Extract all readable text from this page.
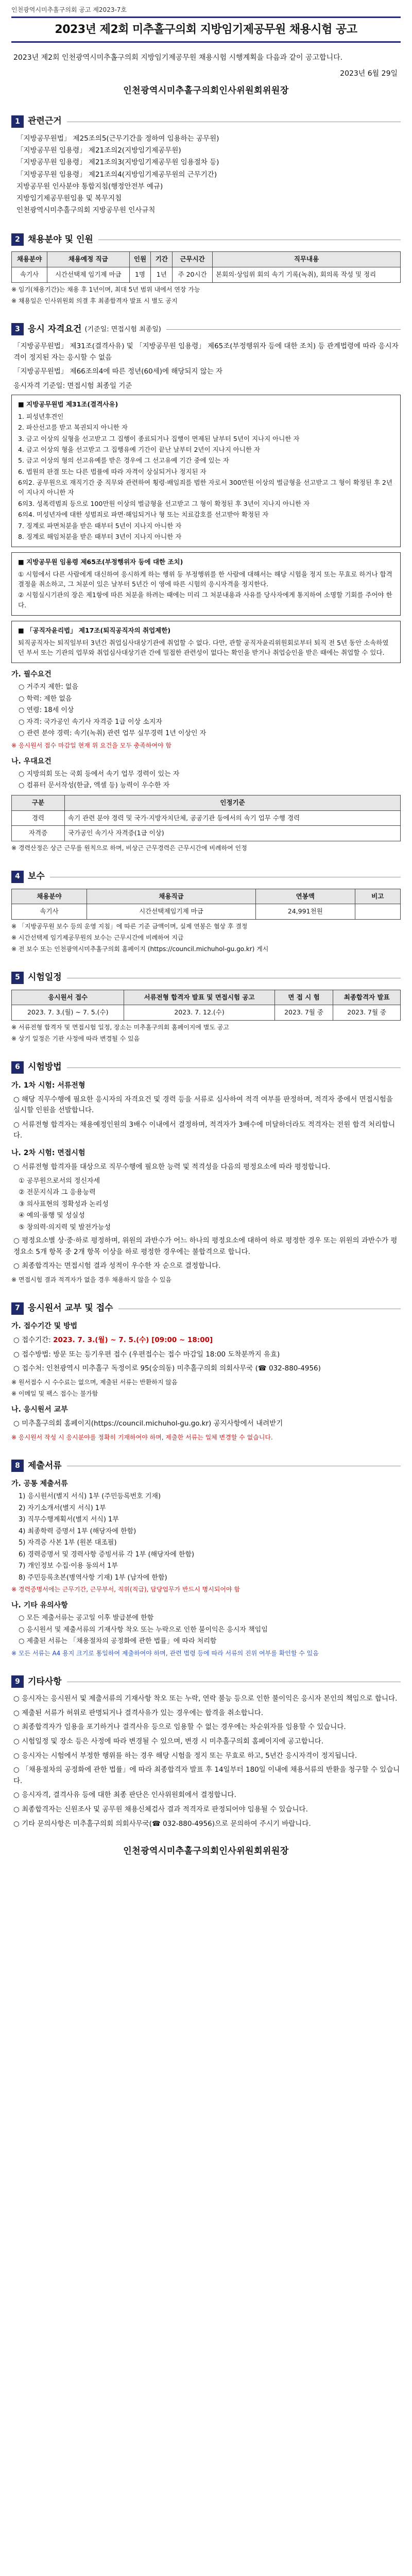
인천광역시미추홀구의회 공고 제2023-7호
2023년 제2회 미추홀구의회 지방임기제공무원 채용시험 공고
2023년 제2회 인천광역시미추홀구의회 지방임기제공무원 채용시험 시행계획을 다음과 같이 공고합니다.
2023년 6월 29일
인천광역시미추홀구의회인사위원회위원장
1 관련근거
「지방공무원법」 제25조의5(근무기간을 정하여 임용하는 공무원)
「지방공무원 임용령」 제21조의2(지방임기제공무원)
「지방공무원 임용령」 제21조의3(지방임기제공무원 임용절차 등)
「지방공무원 임용령」 제21조의4(지방임기제공무원의 근무기간)
지방공무원 인사분야 통합지침(행정안전부 예규)
지방임기제공무원임용 및 복무지침
인천광역시미추홀구의회 지방공무원 인사규칙
2 채용분야 및 인원
채용분야	채용예정 직급	인원	기간	근무시간	직무내용
속기사	시간선택제 임기제 마급	1명	1년	주 20시간	본회의·상임위 회의 속기 기록(녹취), 회의록 작성 및 정리
※ 임기(채용기간)는 채용 후 1년이며, 최대 5년 범위 내에서 연장 가능
※ 채용일은 인사위원회 의결 후 최종합격자 발표 시 별도 공지
3 응시 자격요건 (기준일: 면접시험 최종일)
「지방공무원법」 제31조(결격사유) 및 「지방공무원 임용령」 제65조(부정행위자 등에 대한 조치) 등 관계법령에 따라 응시자격이 정지된 자는 응시할 수 없음
「지방공무원법」 제66조의4에 따른 정년(60세)에 해당되지 않는 자
응시자격 기준일: 면접시험 최종일 기준
■ 지방공무원법 제31조(결격사유)

1. 피성년후견인

2. 파산선고를 받고 복권되지 아니한 자

3. 금고 이상의 실형을 선고받고 그 집행이 종료되거나 집행이 면제된 날부터 5년이 지나지 아니한 자

4. 금고 이상의 형을 선고받고 그 집행유예 기간이 끝난 날부터 2년이 지나지 아니한 자

5. 금고 이상의 형의 선고유예를 받은 경우에 그 선고유예 기간 중에 있는 자

6. 법원의 판결 또는 다른 법률에 따라 자격이 상실되거나 정지된 자

6의2. 공무원으로 재직기간 중 직무와 관련하여 횡령·배임죄를 범한 자로서 300만원 이상의 벌금형을 선고받고 그 형이 확정된 후 2년이 지나지 아니한 자

6의3. 성폭력범죄 등으로 100만원 이상의 벌금형을 선고받고 그 형이 확정된 후 3년이 지나지 아니한 자

6의4. 미성년자에 대한 성범죄로 파면·해임되거나 형 또는 치료감호를 선고받아 확정된 자

7. 징계로 파면처분을 받은 때부터 5년이 지나지 아니한 자

8. 징계로 해임처분을 받은 때부터 3년이 지나지 아니한 자

■ 지방공무원 임용령 제65조(부정행위자 등에 대한 조치)

① 시험에서 다른 사람에게 대신하여 응시하게 하는 행위 등 부정행위를 한 사람에 대해서는 해당 시험을 정지 또는 무효로 하거나 합격결정을 취소하고, 그 처분이 있은 날부터 5년간 이 영에 따른 시험의 응시자격을 정지한다.

② 시험실시기관의 장은 제1항에 따른 처분을 하려는 때에는 미리 그 처분내용과 사유를 당사자에게 통지하여 소명할 기회를 주어야 한다.

■ 「공직자윤리법」 제17조(퇴직공직자의 취업제한)

퇴직공직자는 퇴직일부터 3년간 취업심사대상기관에 취업할 수 없다. 다만, 관할 공직자윤리위원회로부터 퇴직 전 5년 동안 소속하였던 부서 또는 기관의 업무와 취업심사대상기관 간에 밀접한 관련성이 없다는 확인을 받거나 취업승인을 받은 때에는 취업할 수 있다.

가. 필수요건
○ 거주지 제한: 없음
○ 학력: 제한 없음
○ 연령: 18세 이상
○ 자격: 국가공인 속기사 자격증 1급 이상 소지자
○ 관련 분야 경력: 속기(녹취) 관련 업무 실무경력 1년 이상인 자
※ 응시원서 접수 마감일 현재 위 요건을 모두 충족하여야 함
나. 우대요건
○ 지방의회 또는 국회 등에서 속기 업무 경력이 있는 자
○ 컴퓨터 문서작성(한글, 엑셀 등) 능력이 우수한 자
구분	인정기준
경력	속기 관련 분야 경력 및 국가·지방자치단체, 공공기관 등에서의 속기 업무 수행 경력
자격증	국가공인 속기사 자격증(1급 이상)
※ 경력산정은 상근 근무를 원칙으로 하며, 비상근 근무경력은 근무시간에 비례하여 인정
4 보수
채용분야	채용직급	연봉액	비고
속기사	시간선택제임기제 마급	24,991천원	
※ 「지방공무원 보수 등의 운영 지침」에 따른 기준 금액이며, 실제 연봉은 협상 후 결정
※ 시간선택제 임기제공무원의 보수는 근무시간에 비례하여 지급
※ 전 보수 또는 인천광역시미추홀구의회 홈페이지 (https://council.michuhol-gu.go.kr) 게시
5 시험일정
응시원서 접수	서류전형 합격자 발표 및 면접시험 공고	면 접 시 험	최종합격자 발표
2023. 7. 3.(월) ~ 7. 5.(수)	2023. 7. 12.(수)	2023. 7월 중	2023. 7월 중
※ 서류전형 합격자 및 면접시험 일정, 장소는 미추홀구의회 홈페이지에 별도 공고
※ 상기 일정은 기관 사정에 따라 변경될 수 있음
6 시험방법
가. 1차 시험: 서류전형
○ 해당 직무수행에 필요한 응시자의 자격요건 및 경력 등을 서류로 심사하여 적격 여부를 판정하며, 적격자 중에서 면접시험을 실시할 인원을 선발합니다.
○ 서류전형 합격자는 채용예정인원의 3배수 이내에서 결정하며, 적격자가 3배수에 미달하더라도 적격자는 전원 합격 처리합니다.
나. 2차 시험: 면접시험
○ 서류전형 합격자를 대상으로 직무수행에 필요한 능력 및 적격성을 다음의 평정요소에 따라 평정합니다.
① 공무원으로서의 정신자세
② 전문지식과 그 응용능력
③ 의사표현의 정확성과 논리성
④ 예의·품행 및 성실성
⑤ 창의력·의지력 및 발전가능성
○ 평정요소별 상·중·하로 평정하며, 위원의 과반수가 어느 하나의 평정요소에 대하여 하로 평정한 경우 또는 위원의 과반수가 평정요소 5개 항목 중 2개 항목 이상을 하로 평정한 경우에는 불합격으로 합니다.
○ 최종합격자는 면접시험 결과 성적이 우수한 자 순으로 결정합니다.
※ 면접시험 결과 적격자가 없을 경우 채용하지 않을 수 있음
7 응시원서 교부 및 접수
가. 접수기간 및 방법
○ 접수기간: 2023. 7. 3.(월) ~ 7. 5.(수) [09:00 ~ 18:00]
○ 접수방법: 방문 또는 등기우편 접수 (우편접수는 접수 마감일 18:00 도착분까지 유효)
○ 접수처: 인천광역시 미추홀구 독정이로 95(숭의동) 미추홀구의회 의회사무국 (☎ 032-880-4956)
※ 원서접수 시 수수료는 없으며, 제출된 서류는 반환하지 않음
※ 이메일 및 팩스 접수는 불가함
나. 응시원서 교부
○ 미추홀구의회 홈페이지(https://council.michuhol-gu.go.kr) 공지사항에서 내려받기
※ 응시원서 작성 시 응시분야를 정확히 기재하여야 하며, 제출한 서류는 일체 변경할 수 없습니다.
8 제출서류
가. 공통 제출서류
1) 응시원서(별지 서식) 1부 (주민등록번호 기재)
2) 자기소개서(별지 서식) 1부
3) 직무수행계획서(별지 서식) 1부
4) 최종학력 증명서 1부 (해당자에 한함)
5) 자격증 사본 1부 (원본 대조필)
6) 경력증명서 및 경력사항 증빙서류 각 1부 (해당자에 한함)
7) 개인정보 수집·이용 동의서 1부
8) 주민등록초본(병역사항 기재) 1부 (남자에 한함)
※ 경력증명서에는 근무기간, 근무부서, 직위(직급), 담당업무가 반드시 명시되어야 함
나. 기타 유의사항
○ 모든 제출서류는 공고일 이후 발급분에 한함
○ 응시원서 및 제출서류의 기재사항 착오 또는 누락으로 인한 불이익은 응시자 책임임
○ 제출된 서류는 「채용절차의 공정화에 관한 법률」에 따라 처리함
※ 모든 서류는 A4 용지 크기로 통일하여 제출하여야 하며, 관련 법령 등에 따라 서류의 진위 여부를 확인할 수 있음
9 기타사항
○ 응시자는 응시원서 및 제출서류의 기재사항 착오 또는 누락, 연락 불능 등으로 인한 불이익은 응시자 본인의 책임으로 합니다.
○ 제출된 서류가 허위로 판명되거나 결격사유가 있는 경우에는 합격을 취소합니다.
○ 최종합격자가 임용을 포기하거나 결격사유 등으로 임용할 수 없는 경우에는 차순위자를 임용할 수 있습니다.
○ 시험일정 및 장소 등은 사정에 따라 변경될 수 있으며, 변경 시 미추홀구의회 홈페이지에 공고합니다.
○ 응시자는 시험에서 부정한 행위를 하는 경우 해당 시험을 정지 또는 무효로 하고, 5년간 응시자격이 정지됩니다.
○ 「채용절차의 공정화에 관한 법률」에 따라 최종합격자 발표 후 14일부터 180일 이내에 채용서류의 반환을 청구할 수 있습니다.
○ 응시자격, 결격사유 등에 대한 최종 판단은 인사위원회에서 결정합니다.
○ 최종합격자는 신원조사 및 공무원 채용신체검사 결과 적격자로 판정되어야 임용될 수 있습니다.
○ 기타 문의사항은 미추홀구의회 의회사무국(☎ 032-880-4956)으로 문의하여 주시기 바랍니다.
인천광역시미추홀구의회인사위원회위원장
